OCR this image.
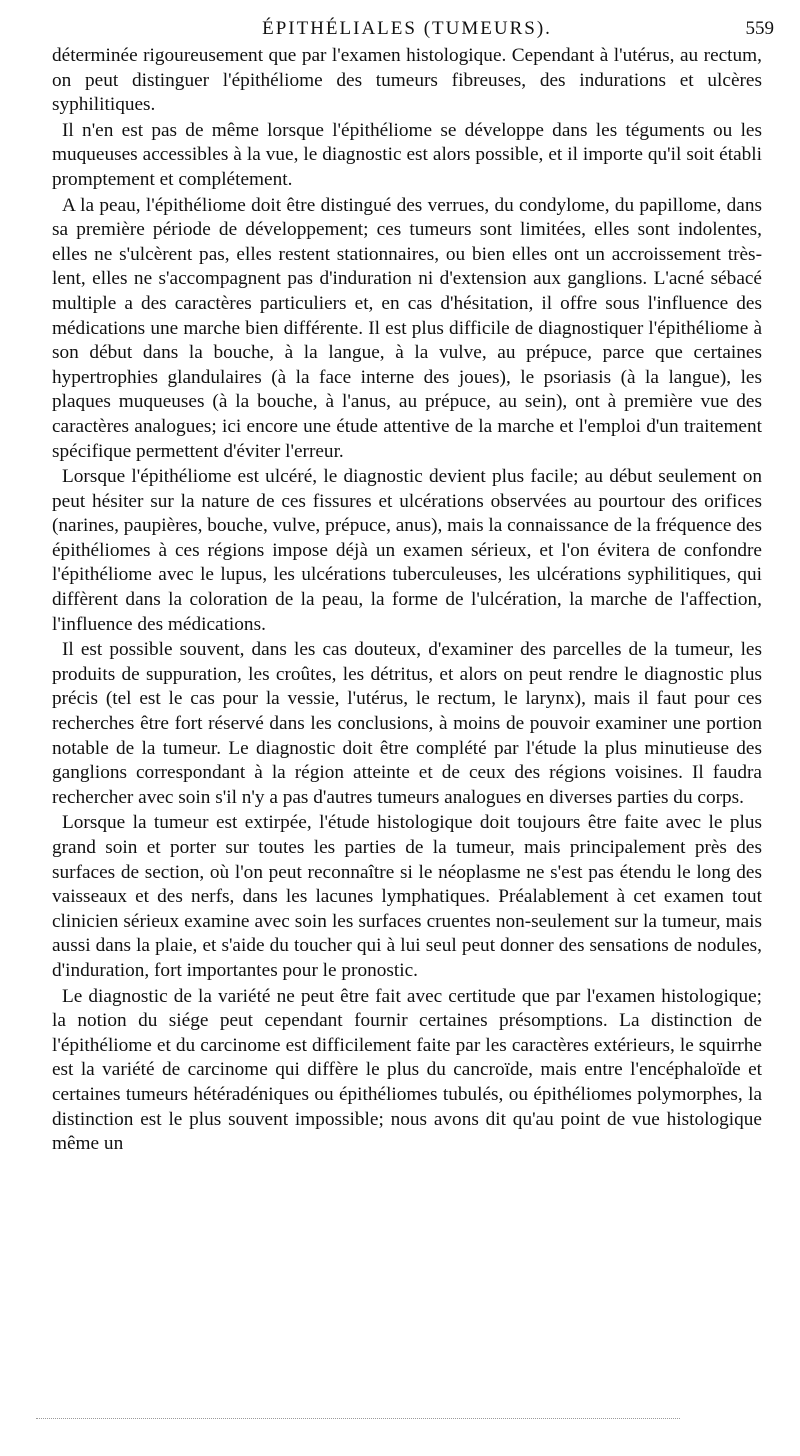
ÉPITHÉLIALES (TUMEURS).	559

déterminée rigoureusement que par l'examen histologique. Cependant à l'utérus, au rectum, on peut distinguer l'épithéliome des tumeurs fibreuses, des indurations et ulcères syphilitiques.

Il n'en est pas de même lorsque l'épithéliome se développe dans les téguments ou les muqueuses accessibles à la vue, le diagnostic est alors possible, et il importe qu'il soit établi promptement et complétement.

A la peau, l'épithéliome doit être distingué des verrues, du condylome, du papillome, dans sa première période de développement; ces tumeurs sont limitées, elles sont indolentes, elles ne s'ulcèrent pas, elles restent stationnaires, ou bien elles ont un accroissement très-lent, elles ne s'accompagnent pas d'induration ni d'extension aux ganglions. L'acné sébacé multiple a des caractères particuliers et, en cas d'hésitation, il offre sous l'influence des médications une marche bien différente. Il est plus difficile de diagnostiquer l'épithéliome à son début dans la bouche, à la langue, à la vulve, au prépuce, parce que certaines hypertrophies glandulaires (à la face interne des joues), le psoriasis (à la langue), les plaques muqueuses (à la bouche, à l'anus, au prépuce, au sein), ont à première vue des caractères analogues; ici encore une étude attentive de la marche et l'emploi d'un traitement spécifique permettent d'éviter l'erreur.

Lorsque l'épithéliome est ulcéré, le diagnostic devient plus facile; au début seulement on peut hésiter sur la nature de ces fissures et ulcérations observées au pourtour des orifices (narines, paupières, bouche, vulve, prépuce, anus), mais la connaissance de la fréquence des épithéliomes à ces régions impose déjà un examen sérieux, et l'on évitera de confondre l'épithéliome avec le lupus, les ulcérations tuberculeuses, les ulcérations syphilitiques, qui diffèrent dans la coloration de la peau, la forme de l'ulcération, la marche de l'affection, l'influence des médications.

Il est possible souvent, dans les cas douteux, d'examiner des parcelles de la tumeur, les produits de suppuration, les croûtes, les détritus, et alors on peut rendre le diagnostic plus précis (tel est le cas pour la vessie, l'utérus, le rectum, le larynx), mais il faut pour ces recherches être fort réservé dans les conclusions, à moins de pouvoir examiner une portion notable de la tumeur. Le diagnostic doit être complété par l'étude la plus minutieuse des ganglions correspondant à la région atteinte et de ceux des régions voisines. Il faudra rechercher avec soin s'il n'y a pas d'autres tumeurs analogues en diverses parties du corps.

Lorsque la tumeur est extirpée, l'étude histologique doit toujours être faite avec le plus grand soin et porter sur toutes les parties de la tumeur, mais principalement près des surfaces de section, où l'on peut reconnaître si le néoplasme ne s'est pas étendu le long des vaisseaux et des nerfs, dans les lacunes lymphatiques. Préalablement à cet examen tout clinicien sérieux examine avec soin les surfaces cruentes non-seulement sur la tumeur, mais aussi dans la plaie, et s'aide du toucher qui à lui seul peut donner des sensations de nodules, d'induration, fort importantes pour le pronostic.

Le diagnostic de la variété ne peut être fait avec certitude que par l'examen histologique; la notion du siége peut cependant fournir certaines présomptions. La distinction de l'épithéliome et du carcinome est difficilement faite par les caractères extérieurs, le squirrhe est la variété de carcinome qui diffère le plus du cancroïde, mais entre l'encéphaloïde et certaines tumeurs hétéradéniques ou épithéliomes tubulés, ou épithéliomes polymorphes, la distinction est le plus souvent impossible; nous avons dit qu'au point de vue histologique même un
